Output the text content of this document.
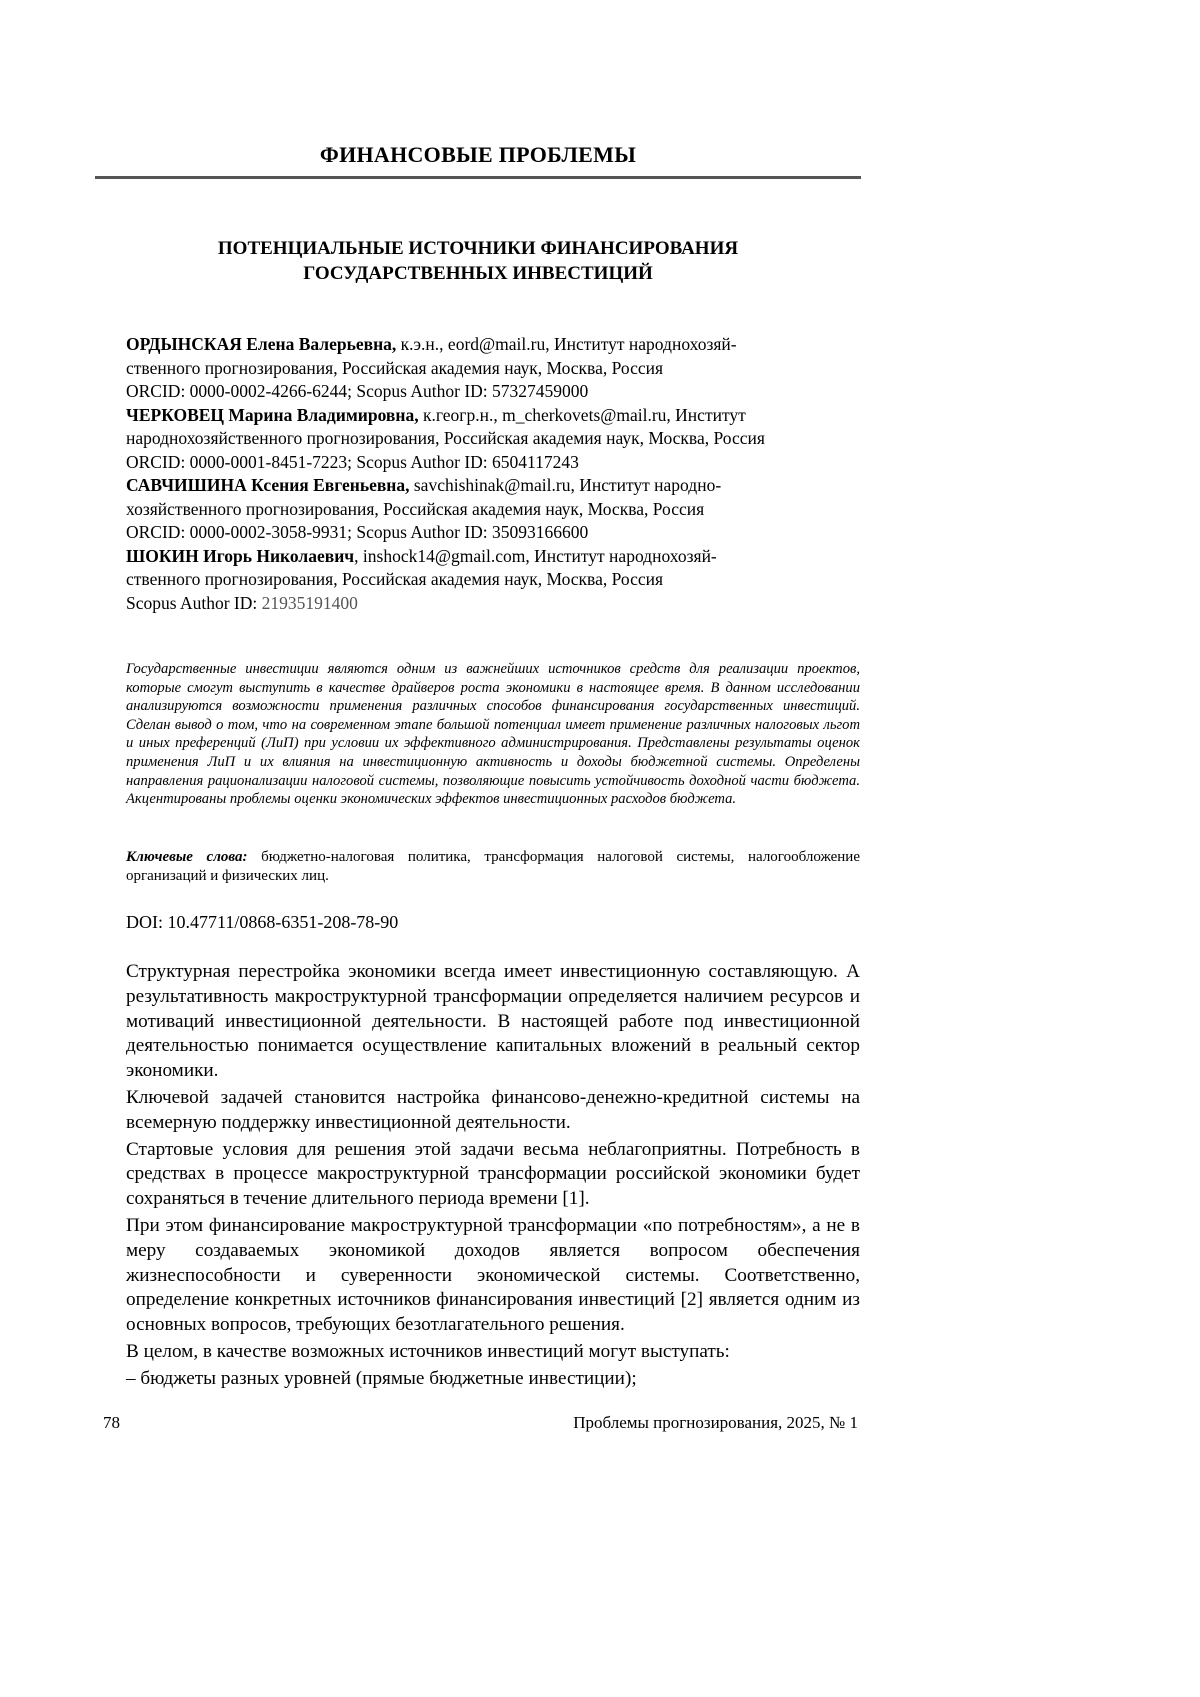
ФИНАНСОВЫЕ ПРОБЛЕМЫ
ПОТЕНЦИАЛЬНЫЕ ИСТОЧНИКИ ФИНАНСИРОВАНИЯ
ГОСУДАРСТВЕННЫХ ИНВЕСТИЦИЙ

ОРДЫНСКАЯ Елена Валерьевна, к.э.н., eord@mail.ru, Институт народнохозяй-

ственного прогнозирования, Российская академия наук, Москва, Россия

ORCID: 0000-0002-4266-6244; Scopus Author ID: 57327459000

ЧЕРКОВЕЦ Марина Владимировна, к.геогр.н., m_cherkovets@mail.ru, Институт

народнохозяйственного прогнозирования, Российская академия наук, Москва, Россия

ORCID: 0000-0001-8451-7223; Scopus Author ID: 6504117243

САВЧИШИНА Ксения Евгеньевна, savchishinak@mail.ru, Институт народно-

хозяйственного прогнозирования, Российская академия наук, Москва, Россия

ORCID: 0000-0002-3058-9931; Scopus Author ID: 35093166600

ШОКИН Игорь Николаевич, inshock14@gmail.com, Институт народнохозяй-

ственного прогнозирования, Российская академия наук, Москва, Россия

Scopus Author ID: 21935191400

Государственные инвестиции являются одним из важнейших источников средств для реализации проектов, которые смогут выступить в качестве драйверов роста экономики в настоящее время. В данном исследовании анализируются возможности применения различных способов финансирования государственных инвестиций. Сделан вывод о том, что на современном этапе большой потенциал имеет применение различных налоговых льгот и иных преференций (ЛиП) при условии их эффективного администрирования. Представлены результаты оценок применения ЛиП и их влияния на инвестиционную активность и доходы бюджетной системы. Определены направления рационализации налоговой системы, позволяющие повысить устойчивость доходной части бюджета. Акцентированы проблемы оценки экономических эффектов инвестиционных расходов бюджета.
Ключевые слова: бюджетно-налоговая политика, трансформация налоговой системы, налогообложение организаций и физических лиц.
DOI: 10.47711/0868-6351-208-78-90

Структурная перестройка экономики всегда имеет инвестиционную составляющую. А результативность макроструктурной трансформации определяется наличием ресурсов и мотиваций инвестиционной деятельности. В настоящей работе под инвестиционной деятельностью понимается осуществление капитальных вложений в реальный сектор экономики.

Ключевой задачей становится настройка финансово-денежно-кредитной системы на всемерную поддержку инвестиционной деятельности.

Стартовые условия для решения этой задачи весьма неблагоприятны. Потребность в средствах в процессе макроструктурной трансформации российской экономики будет сохраняться в течение длительного периода времени [1].

При этом финансирование макроструктурной трансформации «по потребностям», а не в меру создаваемых экономикой доходов является вопросом обеспечения жизнеспособности и суверенности экономической системы. Соответственно, определение конкретных источников финансирования инвестиций [2] является одним из основных вопросов, требующих безотлагательного решения.

В целом, в качестве возможных источников инвестиций могут выступать:

– бюджеты разных уровней (прямые бюджетные инвестиции);

78	Проблемы прогнозирования, 2025, № 1
